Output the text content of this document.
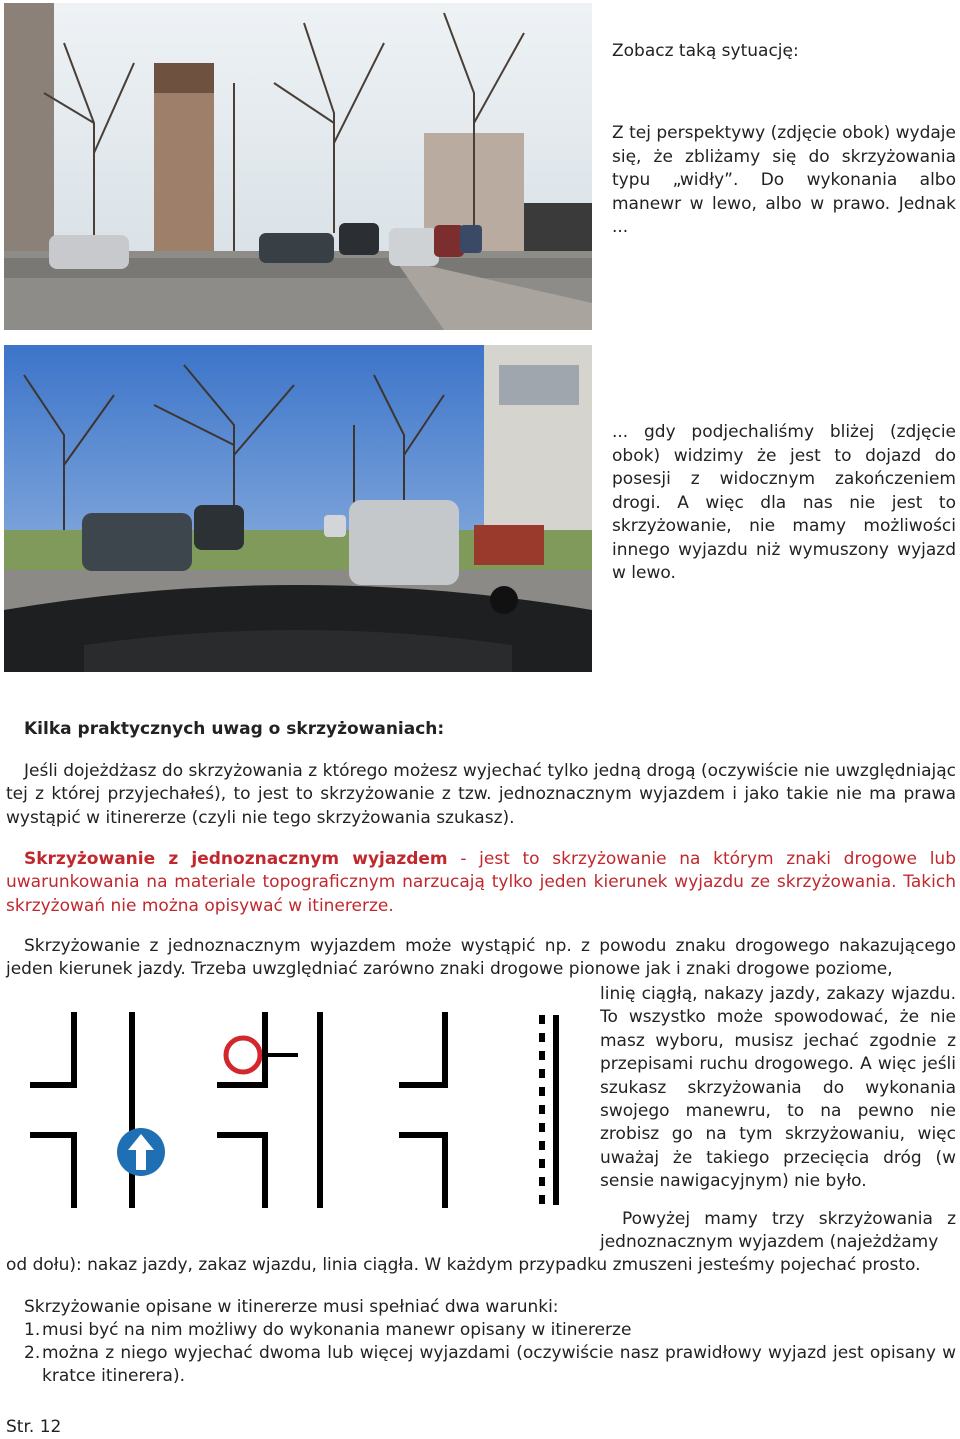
Zobacz taką sytuację:
Z tej perspektywy (zdjęcie obok) wydaje się, że zbliżamy się do skrzyżowania typu „widły”. Do wykonania albo manewr w lewo, albo w prawo. Jednak ...
... gdy podjechaliśmy bliżej (zdjęcie obok) widzimy że jest to dojazd do posesji z widocznym zakończeniem drogi. A więc dla nas nie jest to skrzyżowanie, nie mamy możliwości innego wyjazdu niż wymuszony wyjazd w lewo.
Kilka praktycznych uwag o skrzyżowaniach:
Jeśli dojeżdżasz do skrzyżowania z którego możesz wyjechać tylko jedną drogą (oczywiście nie uwzględniając tej z której przyjechałeś), to jest to skrzyżowanie z tzw. jednoznacznym wyjazdem i jako takie nie ma prawa wystąpić w itinererze (czyli nie tego skrzyżowania szukasz).
Skrzyżowanie z jednoznacznym wyjazdem - jest to skrzyżowanie na którym znaki drogowe lub uwarunkowania na materiale topograficznym narzucają tylko jeden kierunek wyjazdu ze skrzyżowania. Takich skrzyżowań nie można opisywać w itinererze.
Skrzyżowanie z jednoznacznym wyjazdem może wystąpić np. z powodu znaku drogowego nakazującego jeden kierunek jazdy. Trzeba uwzględniać zarówno znaki drogowe pionowe jak i znaki drogowe poziome,
linię ciągłą, nakazy jazdy, zakazy wjazdu. To wszystko może spowodować, że nie masz wyboru, musisz jechać zgodnie z przepisami ruchu drogowego. A więc jeśli szukasz skrzyżowania do wykonania swojego manewru, to na pewno nie zrobisz go na tym skrzyżowaniu, więc uważaj że takiego przecięcia dróg (w sensie nawigacyjnym) nie było.
Powyżej mamy trzy skrzyżowania z jednoznacznym wyjazdem (najeżdżamy
od dołu): nakaz jazdy, zakaz wjazdu, linia ciągła. W każdym przypadku zmuszeni jesteśmy pojechać prosto.
Skrzyżowanie opisane w itinererze musi spełniać dwa warunki:
1. musi być na nim możliwy do wykonania manewr opisany w itinererze
2. można z niego wyjechać dwoma lub więcej wyjazdami (oczywiście nasz prawidłowy wyjazd jest opisany w kratce itinerera).
Str. 12
